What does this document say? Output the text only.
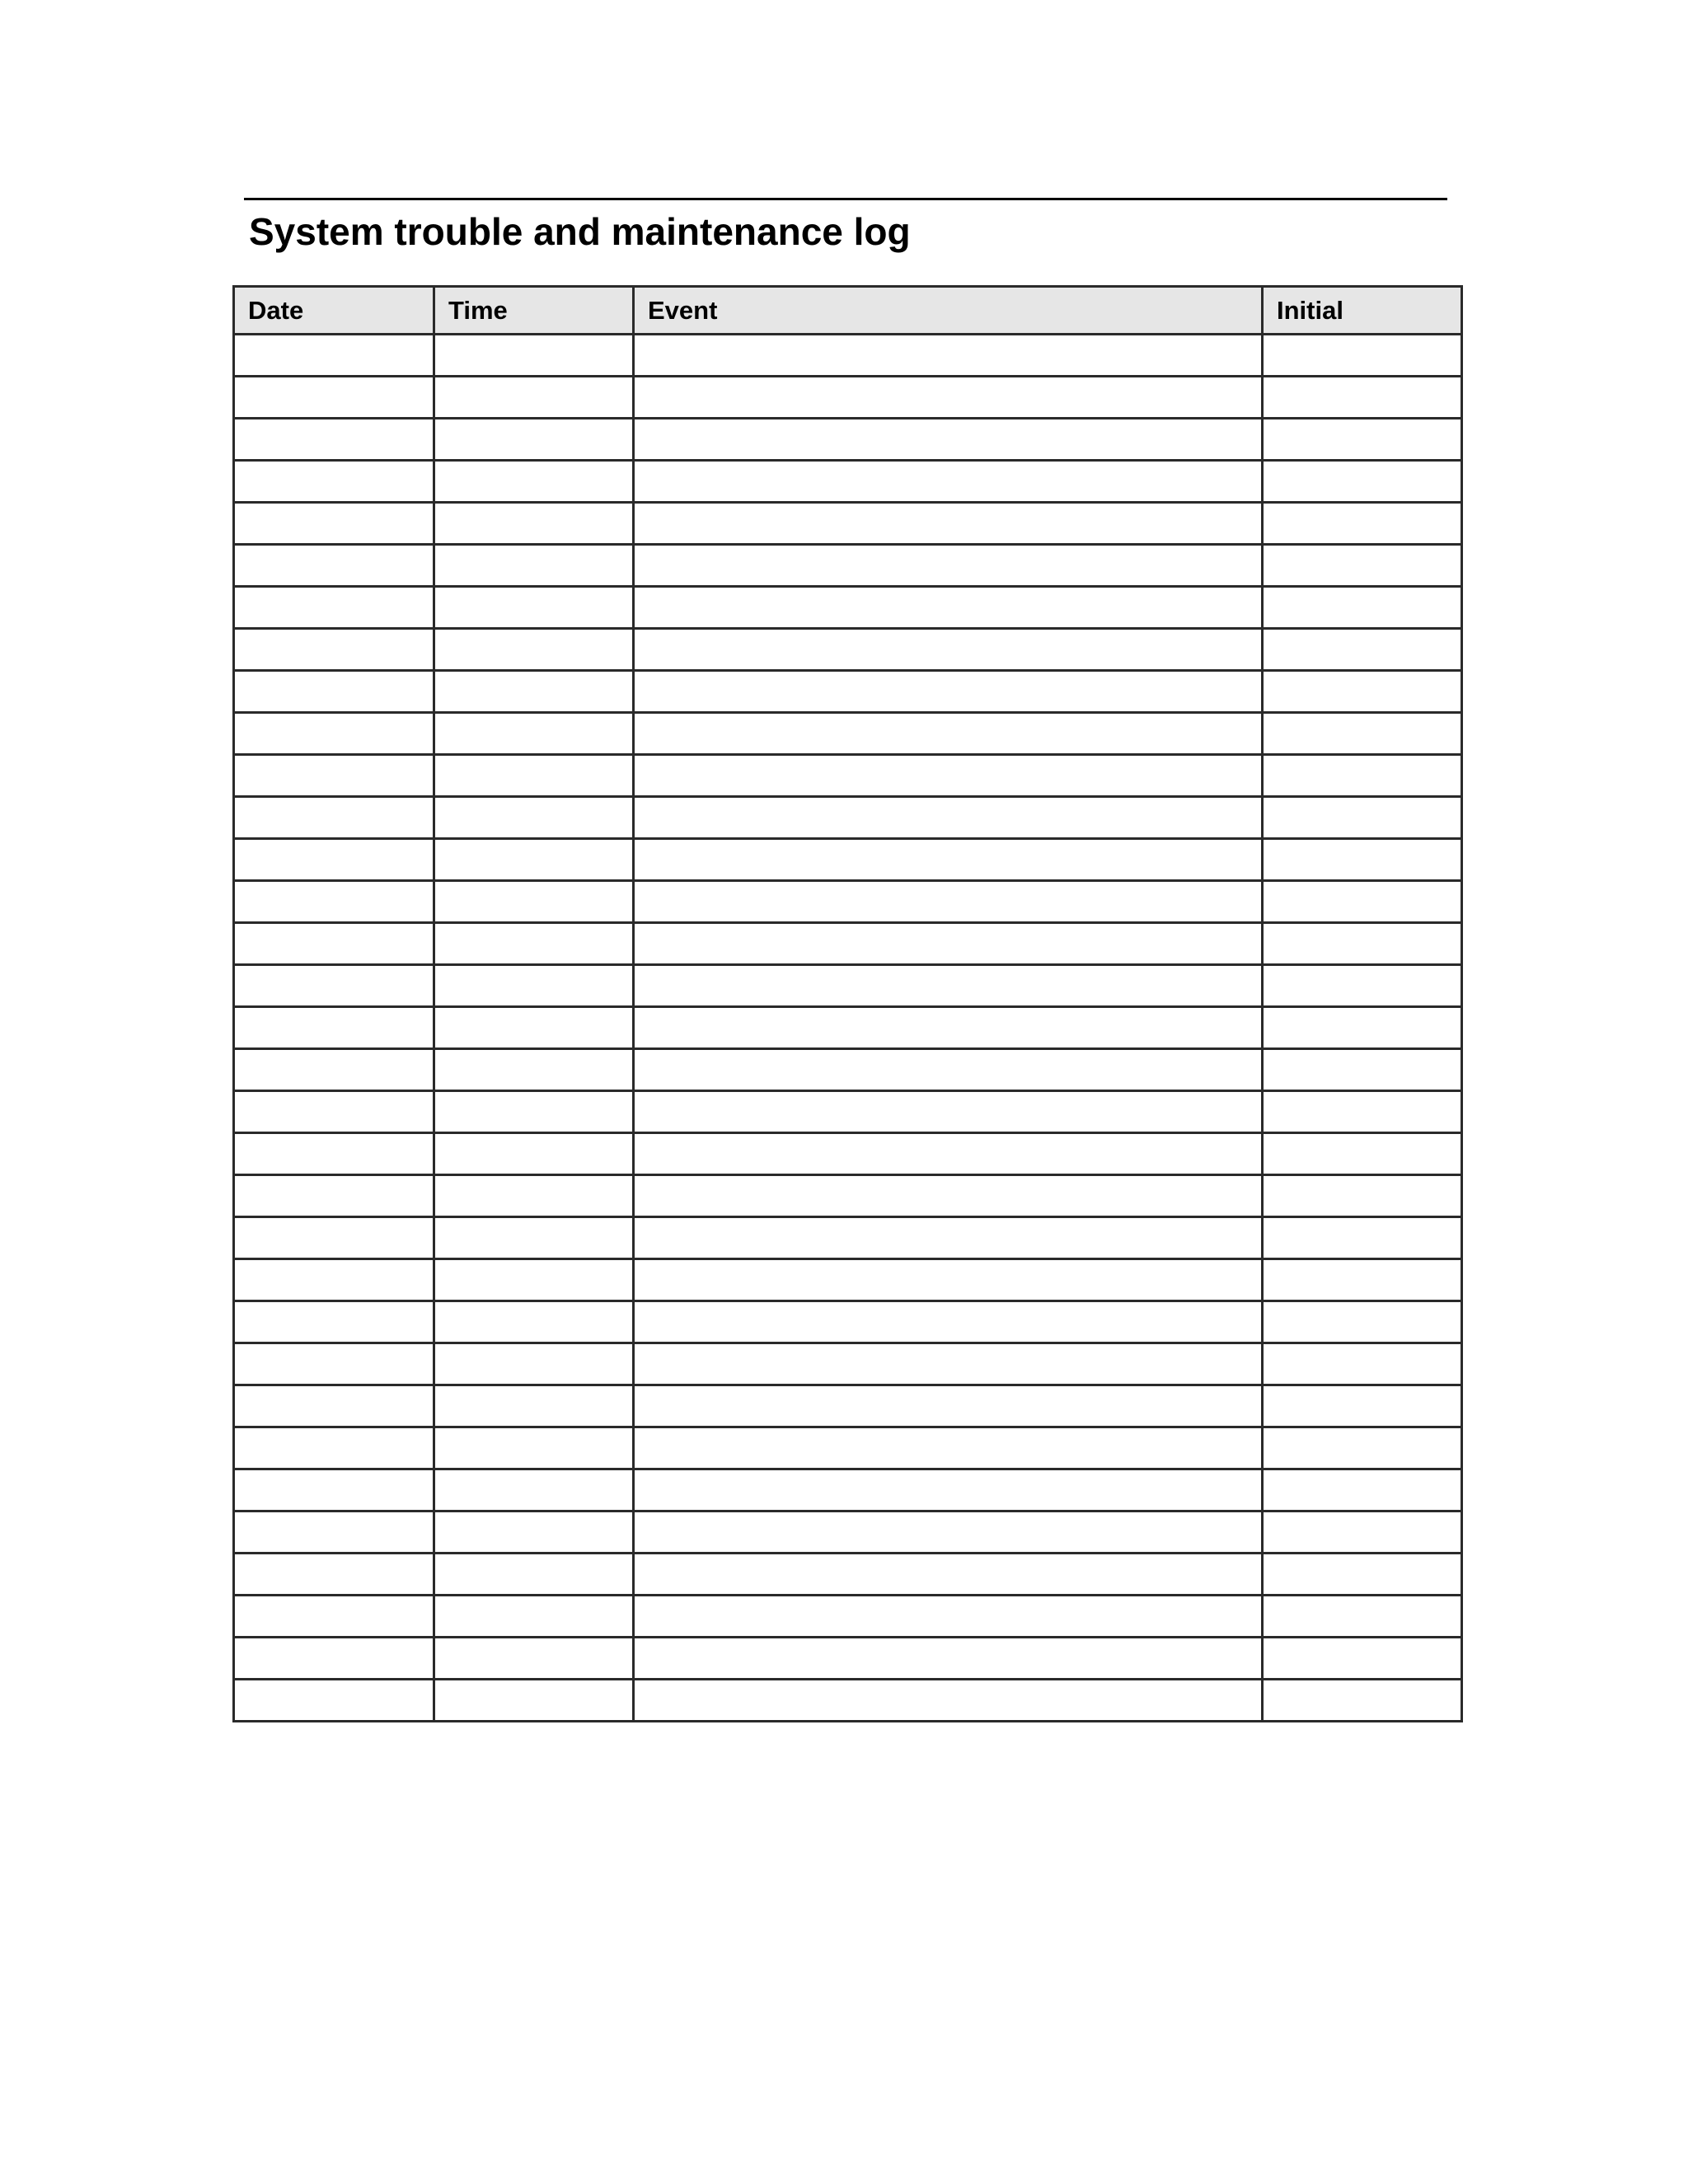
System trouble and maintenance log
Date	Time	Event	Initial
